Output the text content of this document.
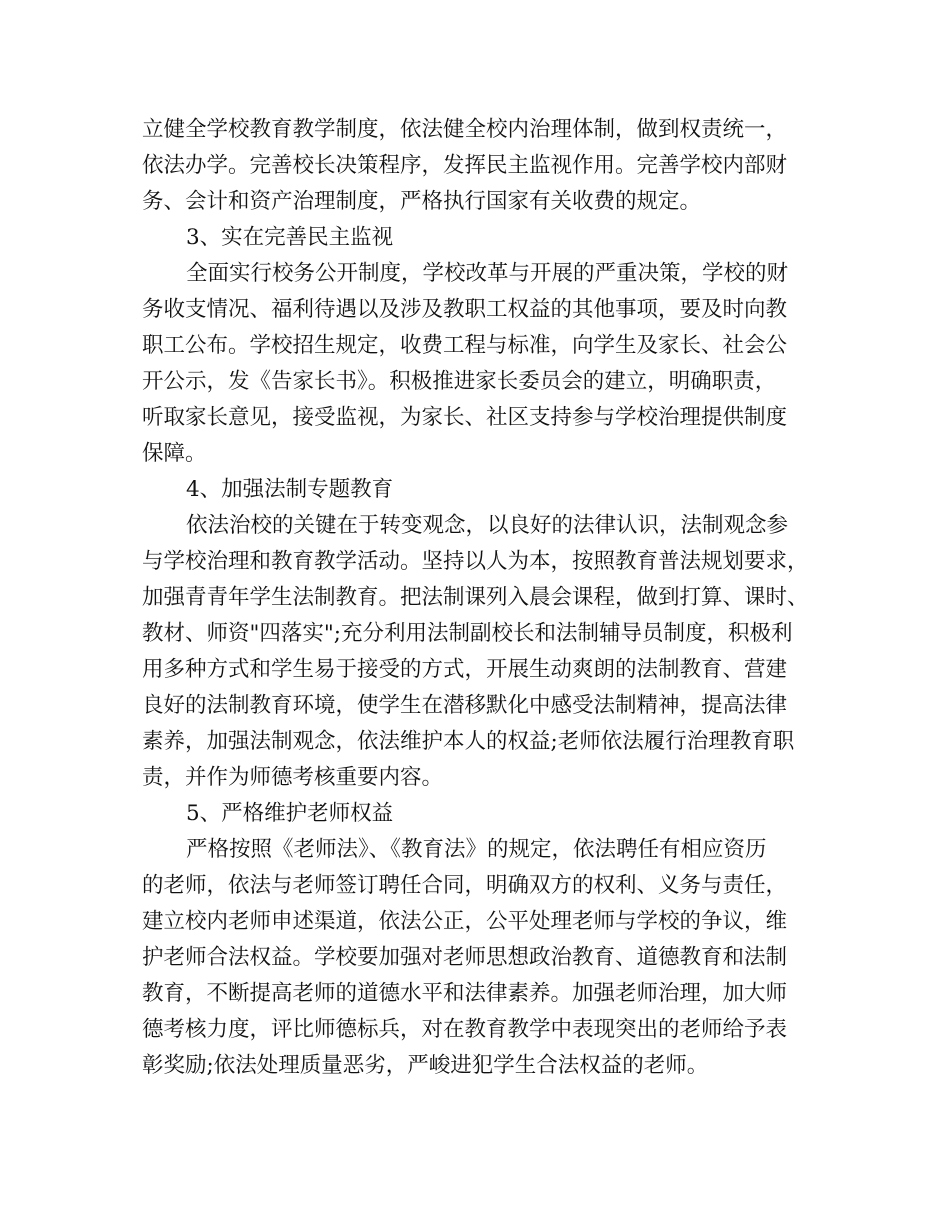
立健全学校教育教学制度，依法健全校内治理体制，做到权责统一，
依法办学。完善校长决策程序，发挥民主监视作用。完善学校内部财
务、会计和资产治理制度，严格执行国家有关收费的规定。
3、实在完善民主监视
全面实行校务公开制度，学校改革与开展的严重决策，学校的财
务收支情况、福利待遇以及涉及教职工权益的其他事项，要及时向教
职工公布。学校招生规定，收费工程与标准，向学生及家长、社会公
开公示，发《告家长书》。积极推进家长委员会的建立，明确职责，
听取家长意见，接受监视，为家长、社区支持参与学校治理提供制度
保障。
4、加强法制专题教育
依法治校的关键在于转变观念，以良好的法律认识，法制观念参
与学校治理和教育教学活动。坚持以人为本，按照教育普法规划要求，
加强青青年学生法制教育。把法制课列入晨会课程，做到打算、课时、
教材、师资"四落实";充分利用法制副校长和法制辅导员制度，积极利
用多种方式和学生易于接受的方式，开展生动爽朗的法制教育、营建
良好的法制教育环境，使学生在潜移默化中感受法制精神，提高法律
素养，加强法制观念，依法维护本人的权益;老师依法履行治理教育职
责，并作为师德考核重要内容。
5、严格维护老师权益
严格按照《老师法》、《教育法》的规定，依法聘任有相应资历
的老师，依法与老师签订聘任合同，明确双方的权利、义务与责任，
建立校内老师申述渠道，依法公正，公平处理老师与学校的争议，维
护老师合法权益。学校要加强对老师思想政治教育、道德教育和法制
教育，不断提高老师的道德水平和法律素养。加强老师治理，加大师
德考核力度，评比师德标兵，对在教育教学中表现突出的老师给予表
彰奖励;依法处理质量恶劣，严峻进犯学生合法权益的老师。
